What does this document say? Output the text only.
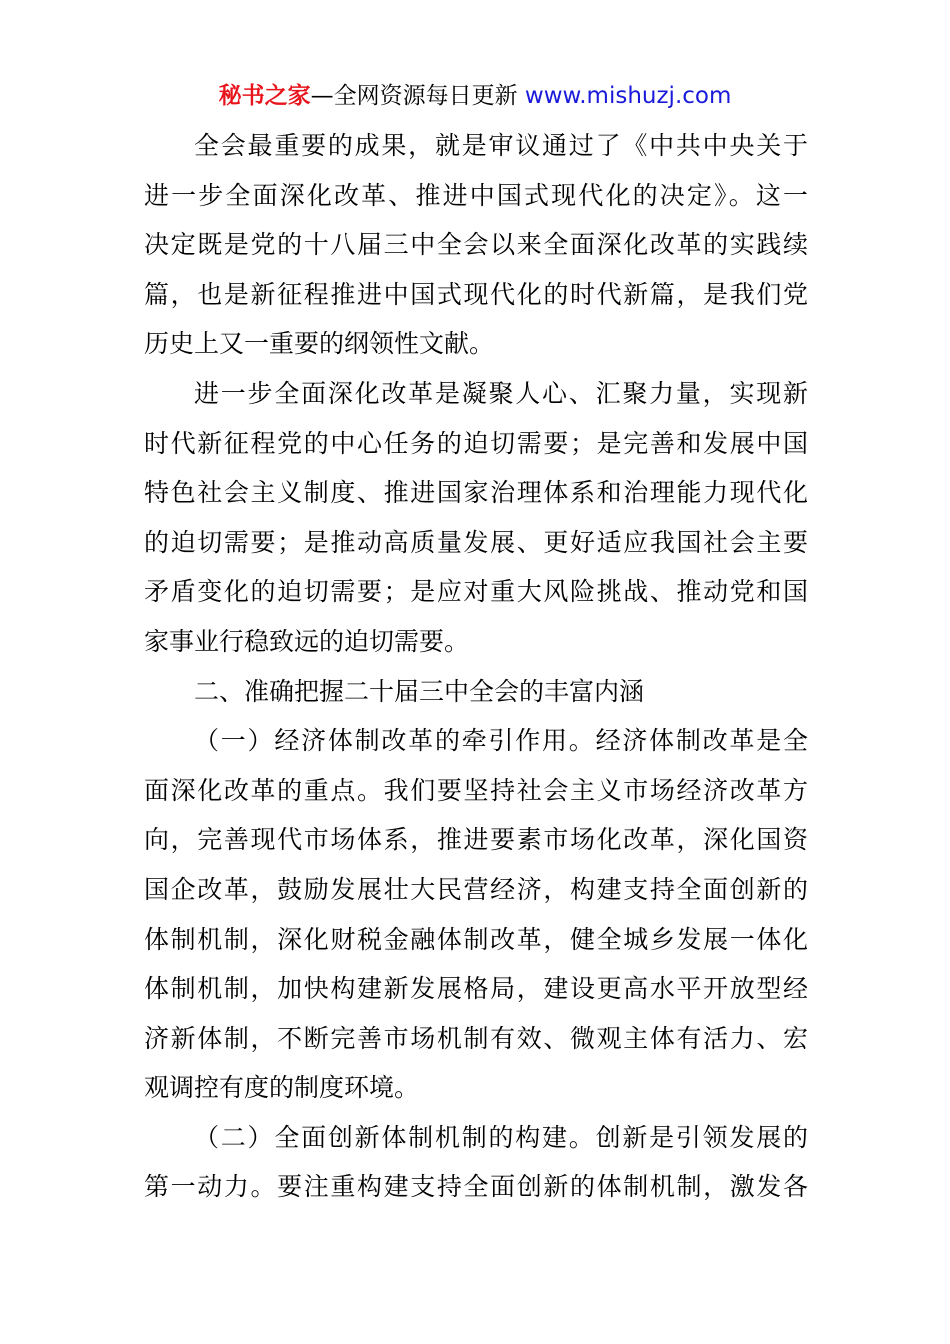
秘书之家—全网资源每日更新 www.mishuzj.com
全会最重要的成果，就是审议通过了《中共中央关于
进一步全面深化改革、推进中国式现代化的决定》。这一
决定既是党的十八届三中全会以来全面深化改革的实践续
篇，也是新征程推进中国式现代化的时代新篇，是我们党
历史上又一重要的纲领性文献。
进一步全面深化改革是凝聚人心、汇聚力量，实现新
时代新征程党的中心任务的迫切需要；是完善和发展中国
特色社会主义制度、推进国家治理体系和治理能力现代化
的迫切需要；是推动高质量发展、更好适应我国社会主要
矛盾变化的迫切需要；是应对重大风险挑战、推动党和国
家事业行稳致远的迫切需要。
二、准确把握二十届三中全会的丰富内涵
（一）经济体制改革的牵引作用。经济体制改革是全
面深化改革的重点。我们要坚持社会主义市场经济改革方
向，完善现代市场体系，推进要素市场化改革，深化国资
国企改革，鼓励发展壮大民营经济，构建支持全面创新的
体制机制，深化财税金融体制改革，健全城乡发展一体化
体制机制，加快构建新发展格局，建设更高水平开放型经
济新体制，不断完善市场机制有效、微观主体有活力、宏
观调控有度的制度环境。
（二）全面创新体制机制的构建。创新是引领发展的
第一动力。要注重构建支持全面创新的体制机制，激发各
